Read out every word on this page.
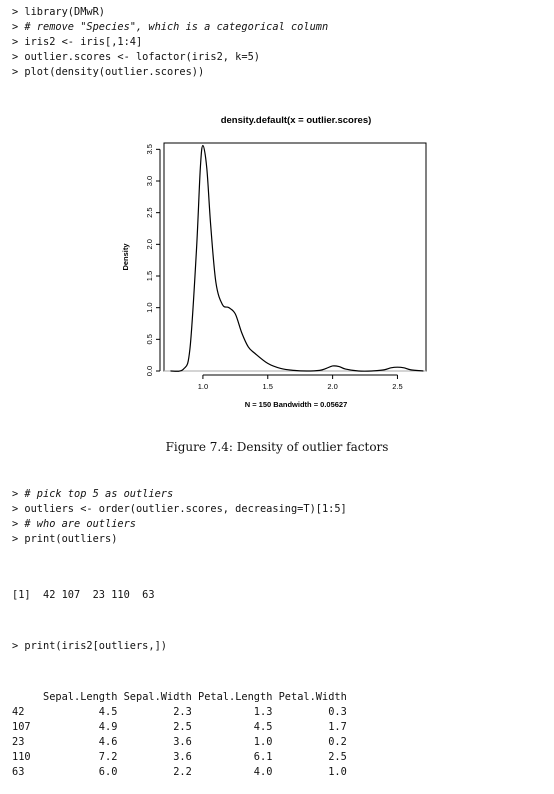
> library(DMwR)
> # remove "Species", which is a categorical column
> iris2 <- iris[,1:4]
> outlier.scores <- lofactor(iris2, k=5)
> plot(density(outlier.scores))
density.default(x = outlier.scores)
Density
N = 150 Bandwidth = 0.05627
1.0	1.5	2.0	2.5
0.0
0.5
1.0
1.5
2.0
2.5
3.0
3.5
Figure 7.4: Density of outlier factors
> # pick top 5 as outliers
> outliers <- order(outlier.scores, decreasing=T)[1:5]
> # who are outliers
> print(outliers)
[1]  42 107  23 110  63
> print(iris2[outliers,])
Sepal.Length Sepal.Width Petal.Length Petal.Width
42            4.5         2.3          1.3         0.3
107           4.9         2.5          4.5         1.7
23            4.6         3.6          1.0         0.2
110           7.2         3.6          6.1         2.5
63            6.0         2.2          4.0         1.0
